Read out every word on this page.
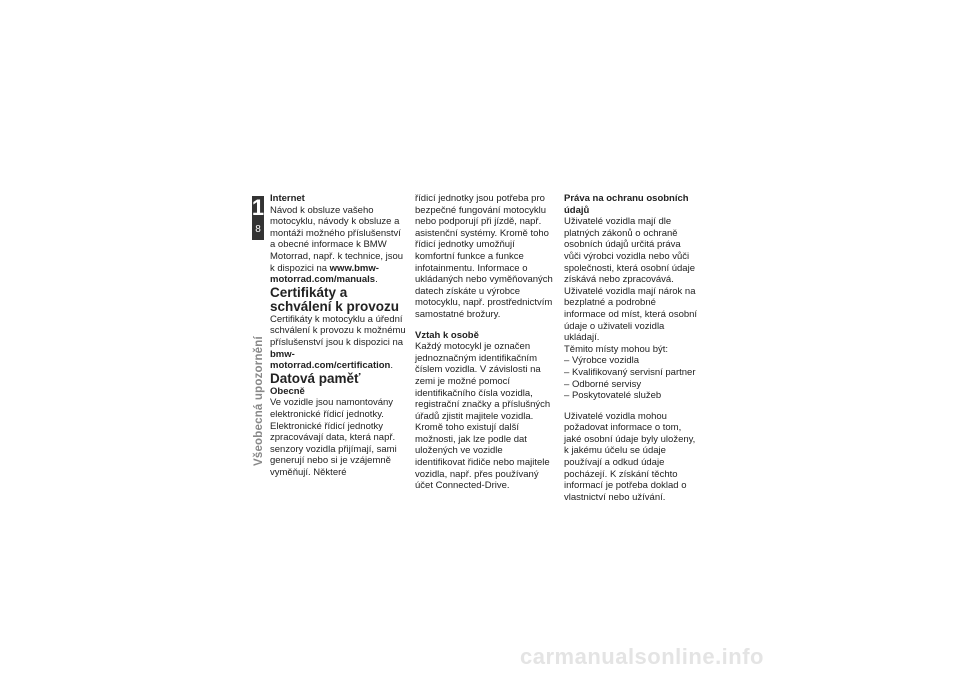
1
8
Všeobecná upozornění

Internet

Návod k obsluze vašeho motocyklu, návody k obsluze a montáži možného příslušenství a obecné informace k BMW Motorrad, např. k technice, jsou k dispozici na www.bmw-motorrad.com/manuals.

Certifikáty a schválení k provozu

Certifikáty k motocyklu a úřední schválení k provozu k možnému příslušenství jsou k dispozici na bmw-motorrad.com/certification.

Datová paměť

Obecně

Ve vozidle jsou namontovány elektronické řídicí jednotky. Elektronické řídicí jednotky zpracovávají data, která např. senzory vozidla přijímají, sami generují nebo si je vzájemně vyměňují. Některé

řídicí jednotky jsou potřeba pro bezpečné fungování motocyklu nebo podporují při jízdě, např. asistenční systémy. Kromě toho řídicí jednotky umožňují komfortní funkce a funkce infotainmentu. Informace o ukládaných nebo vyměňovaných datech získáte u výrobce motocyklu, např. prostřednictvím samostatné brožury.

Vztah k osobě

Každý motocykl je označen jednoznačným identifikačním číslem vozidla. V závislosti na zemi je možné pomocí identifikačního čísla vozidla, registrační značky a příslušných úřadů zjistit majitele vozidla. Kromě toho existují další možnosti, jak lze podle dat uložených ve vozidle identifikovat řidiče nebo majitele vozidla, např. přes používaný účet Connected-Drive.

Práva na ochranu osobních údajů

Uživatelé vozidla mají dle platných zákonů o ochraně osobních údajů určitá práva vůči výrobci vozidla nebo vůči společnosti, která osobní údaje získává nebo zpracovává.

Uživatelé vozidla mají nárok na bezplatné a podrobné informace od míst, která osobní údaje o uživateli vozidla ukládají.

Těmito místy mohou být:

– Výrobce vozidla
– Kvalifikovaný servisní partner
– Odborné servisy
– Poskytovatelé služeb

Uživatelé vozidla mohou požadovat informace o tom, jaké osobní údaje byly uloženy, k jakému účelu se údaje používají a odkud údaje pocházejí. K získání těchto informací je potřeba doklad o vlastnictví nebo užívání.

carmanualsonline.info
